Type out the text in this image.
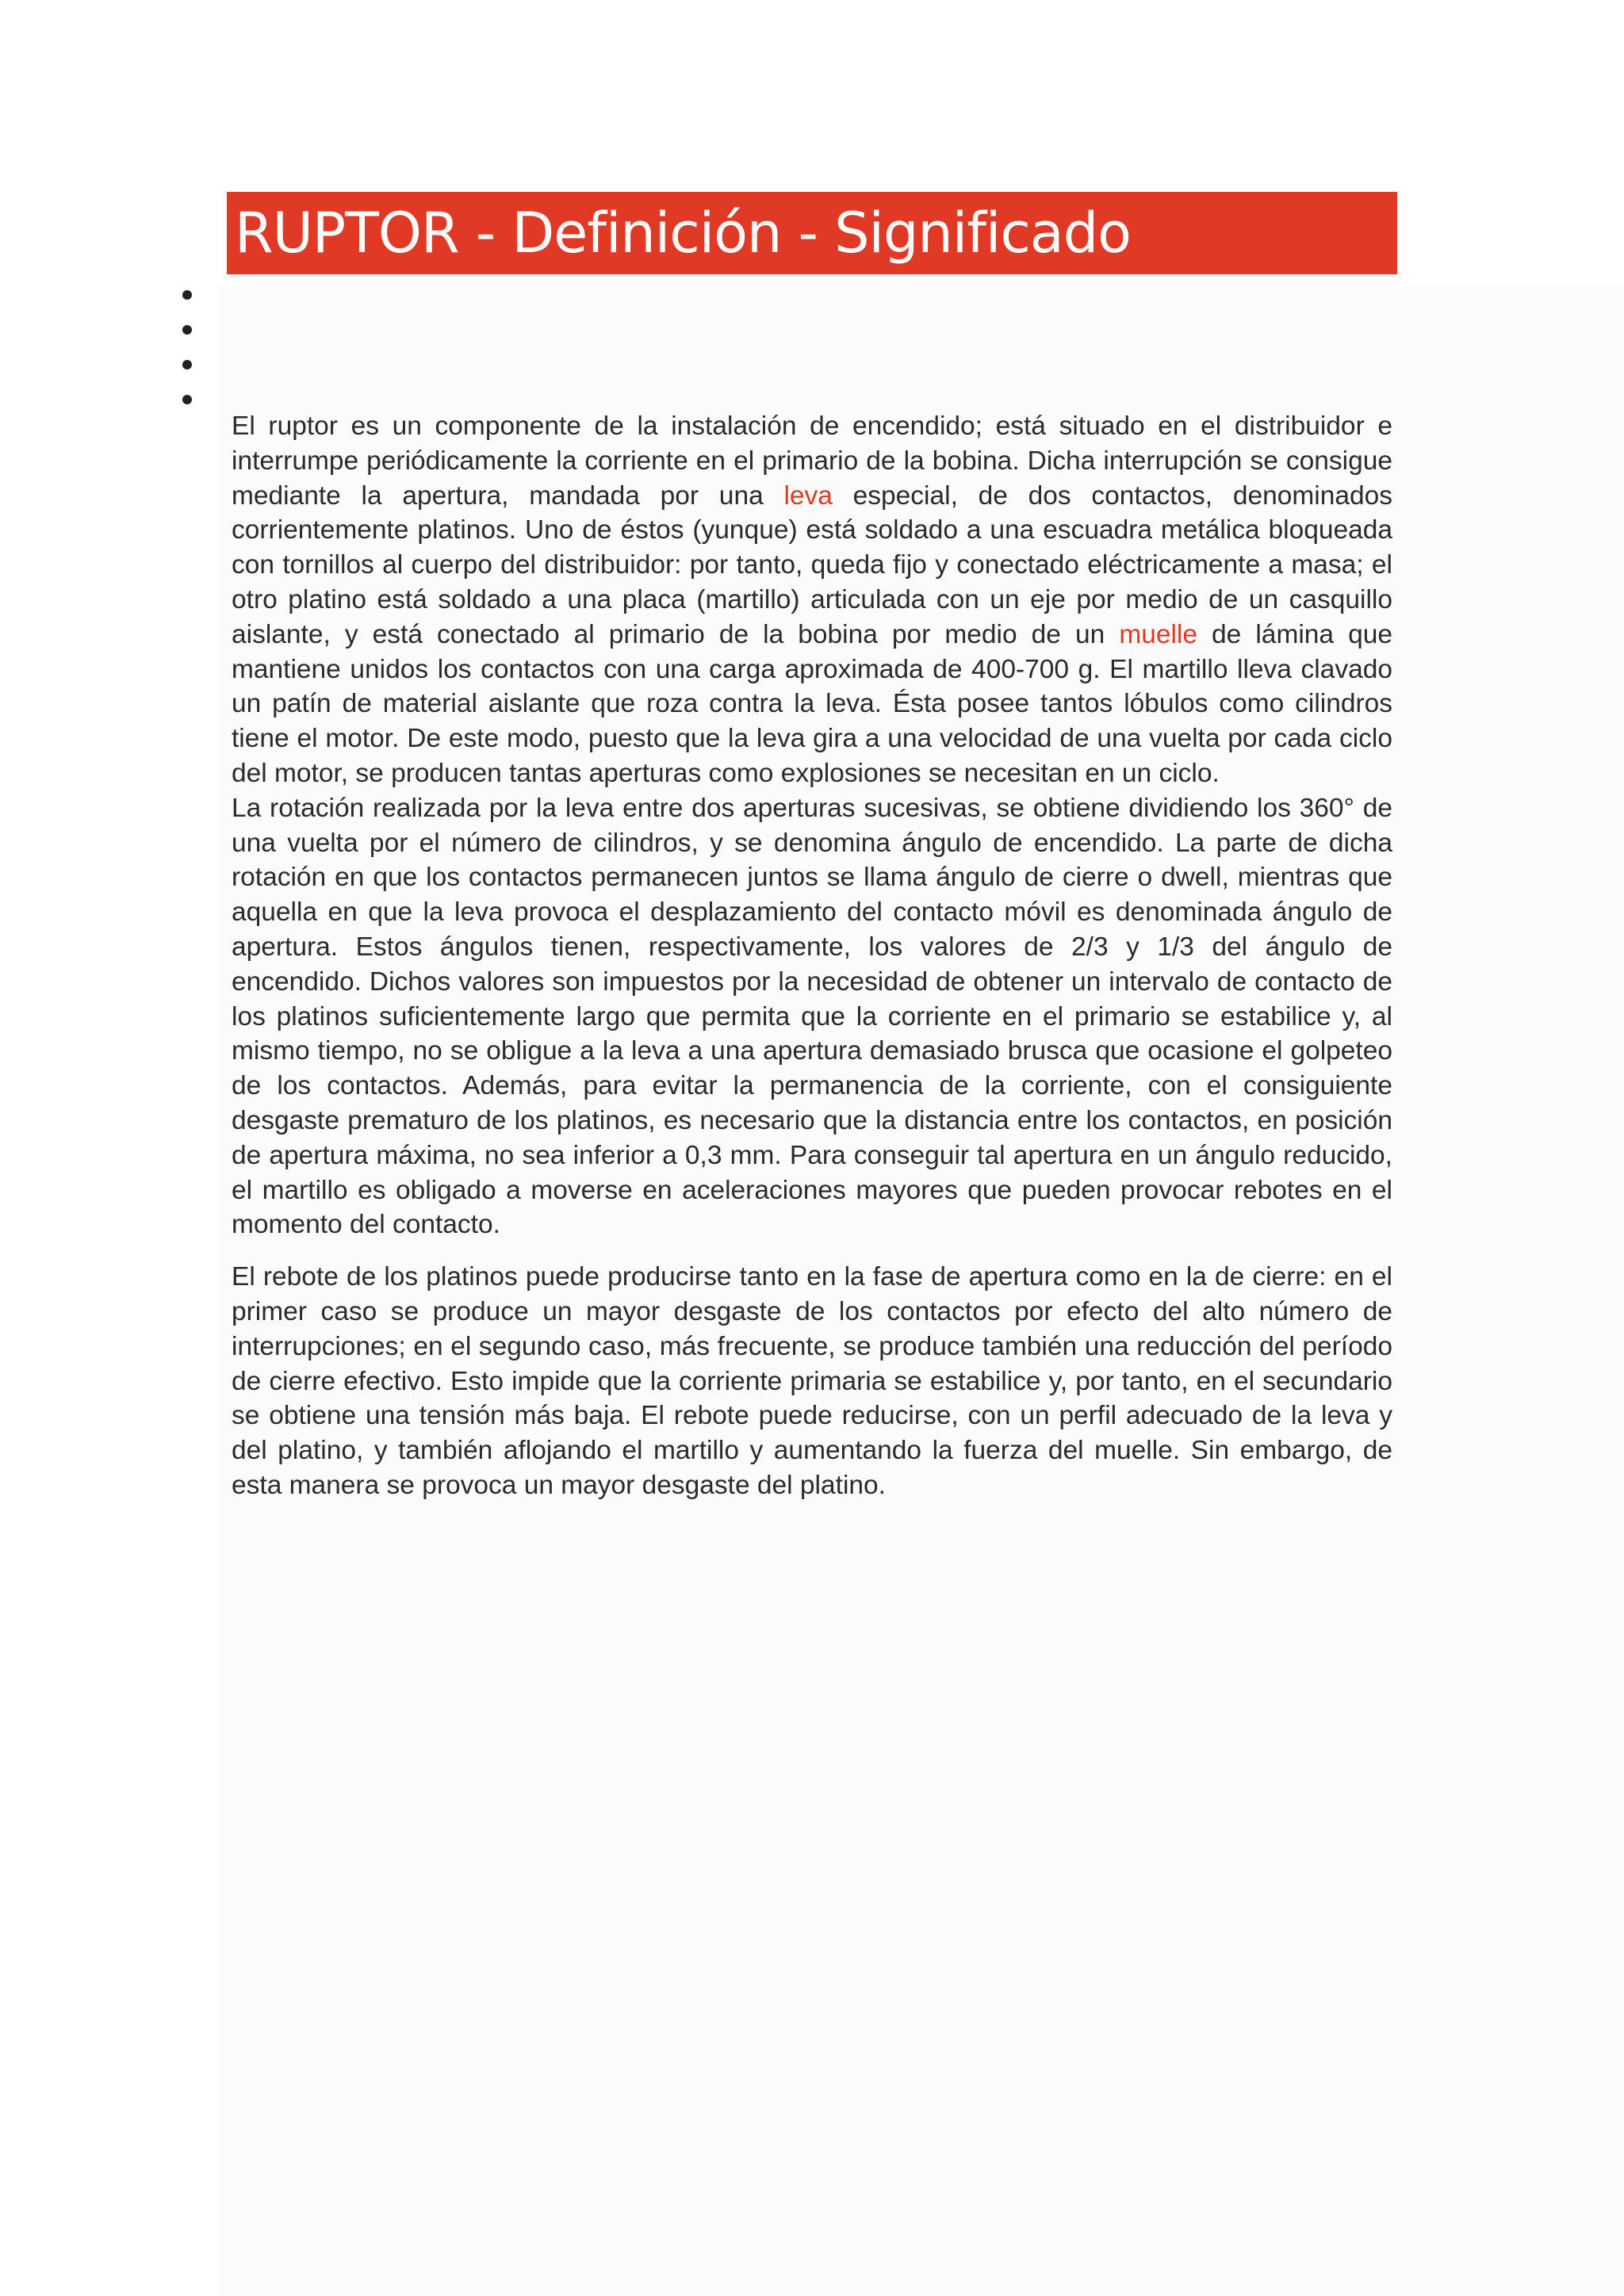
RUPTOR - Definición - Significado

El ruptor es un componente de la instalación de encendido; está situado en el distribuidor e interrumpe periódicamente la corriente en el primario de la bobina. Dicha interrupción se consigue mediante la apertura, mandada por una leva especial, de dos contactos, denominados corrientemente platinos. Uno de éstos (yunque) está soldado a una escuadra metálica bloqueada con tornillos al cuerpo del distribuidor: por tanto, queda fijo y conectado eléctricamente a masa; el otro platino está soldado a una placa (martillo) articulada con un eje por medio de un casquillo aislante, y está conectado al primario de la bobina por medio de un muelle de lámina que mantiene unidos los contactos con una carga aproximada de 400-700 g. El martillo lleva clavado un patín de material aislante que roza contra la leva. Ésta posee tantos lóbulos como cilindros tiene el motor. De este modo, puesto que la leva gira a una velocidad de una vuelta por cada ciclo del motor, se producen tantas aperturas como explosiones se necesitan en un ciclo.

La rotación realizada por la leva entre dos aperturas sucesivas, se obtiene dividiendo los 360° de una vuelta por el número de cilindros, y se denomina ángulo de encendido. La parte de dicha rotación en que los contactos permanecen juntos se llama ángulo de cierre o dwell, mientras que aquella en que la leva provoca el desplazamiento del contacto móvil es denominada ángulo de apertura. Estos ángulos tienen, respectivamente, los valores de 2/3 y 1/3 del ángulo de encendido. Dichos valores son impuestos por la necesidad de obtener un intervalo de contacto de los platinos suficientemente largo que permita que la corriente en el primario se estabilice y, al mismo tiempo, no se obligue a la leva a una apertura demasiado brusca que ocasione el golpeteo de los contactos. Además, para evitar la permanencia de la corriente, con el consiguiente desgaste prematuro de los platinos, es necesario que la distancia entre los contactos, en posición de apertura máxima, no sea inferior a 0,3 mm. Para conseguir tal apertura en un ángulo reducido, el martillo es obligado a moverse en aceleraciones mayores que pueden provocar rebotes en el momento del contacto.

El rebote de los platinos puede producirse tanto en la fase de apertura como en la de cierre: en el primer caso se produce un mayor desgaste de los contactos por efecto del alto número de interrupciones; en el segundo caso, más frecuente, se produce también una reducción del período de cierre efectivo. Esto impide que la corriente primaria se estabilice y, por tanto, en el secundario se obtiene una tensión más baja. El rebote puede reducirse, con un perfil adecuado de la leva y del platino, y también aflojando el martillo y aumentando la fuerza del muelle. Sin embargo, de esta manera se provoca un mayor desgaste del platino.
